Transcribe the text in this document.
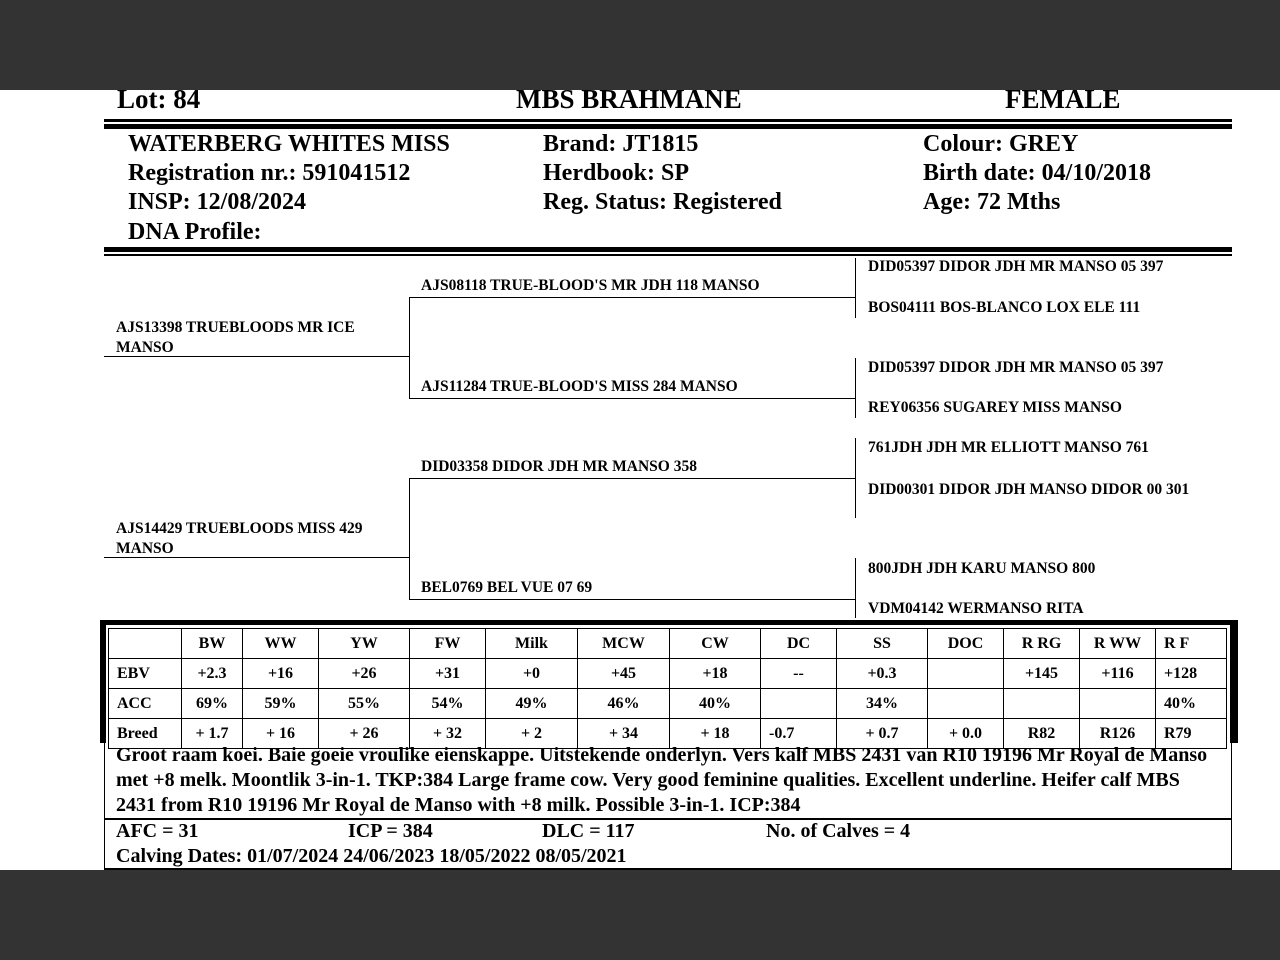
Lot: 84	MBS BRAHMANE	FEMALE
WATERBERG WHITES MISS
Registration nr.: 591041512
INSP: 12/08/2024
DNA Profile:
Brand: JT1815
Herdbook: SP
Reg. Status: Registered
Colour: GREY
Birth date: 04/10/2018
Age: 72 Mths
AJS13398 TRUEBLOODS MR ICE MANSO
AJS14429 TRUEBLOODS MISS 429 MANSO
AJS08118 TRUE-BLOOD'S MR JDH 118 MANSO
AJS11284 TRUE-BLOOD'S MISS 284 MANSO
DID03358 DIDOR JDH MR MANSO 358
BEL0769 BEL VUE 07 69
DID05397 DIDOR JDH MR MANSO 05 397
BOS04111 BOS-BLANCO LOX ELE 111
DID05397 DIDOR JDH MR MANSO 05 397
REY06356 SUGAREY MISS MANSO
761JDH JDH MR ELLIOTT MANSO 761
DID00301 DIDOR JDH MANSO DIDOR 00 301
800JDH JDH KARU MANSO 800
VDM04142 WERMANSO RITA
	BW	WW	YW	FW	Milk	MCW	CW	DC	SS	DOC	R RG	R WW	R F
EBV	+2.3	+16	+26	+31	+0	+45	+18	--	+0.3		+145	+116	+128
ACC	69%	59%	55%	54%	49%	46%	40%		34%				40%
Breed	+ 1.7	+ 16	+ 26	+ 32	+ 2	+ 34	+ 18	-0.7	+ 0.7	+ 0.0	R82	R126	R79
Groot raam koei. Baie goeie vroulike eienskappe. Uitstekende onderlyn. Vers kalf MBS 2431 van R10 19196 Mr Royal de Manso met +8 melk. Moontlik 3-in-1. TKP:384 Large frame cow. Very good feminine qualities. Excellent underline. Heifer calf MBS 2431 from R10 19196 Mr Royal de Manso with +8 milk. Possible 3-in-1. ICP:384
AFC = 31	ICP = 384	DLC = 117	No. of Calves = 4
Calving Dates: 01/07/2024 24/06/2023 18/05/2022 08/05/2021
